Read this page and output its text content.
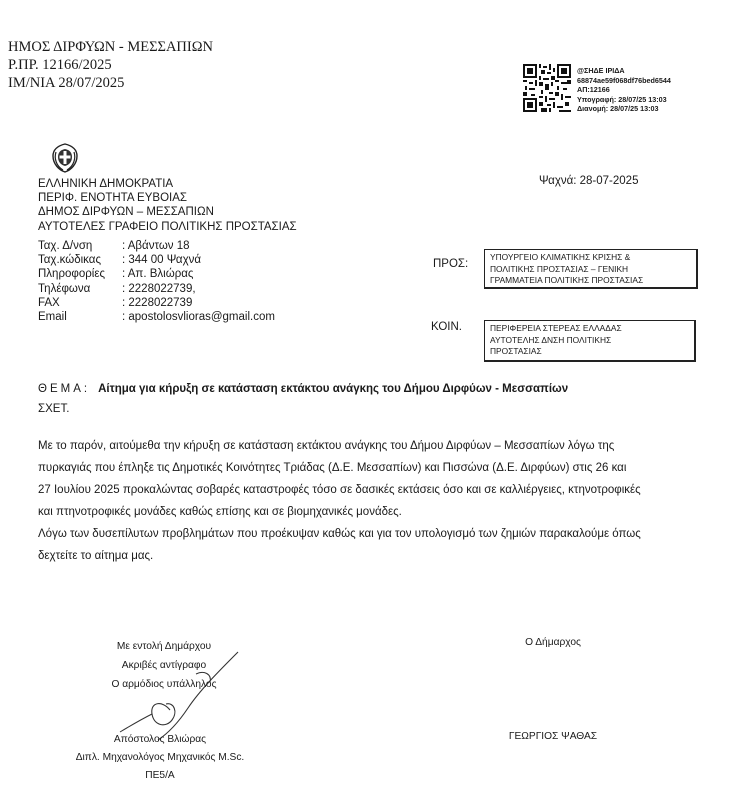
ΗΜΟΣ ΔΙΡΦΥΩΝ - ΜΕΣΣΑΠΙΩΝ
Ρ.ΠΡ. 12166/2025
ΙΜ/ΝΙΑ 28/07/2025
@ΣΗΔΕ ΙΡΙΔΑ
68874ae59f068df76bed6544
ΑΠ:12166
Υπογραφή: 28/07/25 13:03
Διανομή: 28/07/25 13:03
ΕΛΛΗΝΙΚΗ ΔΗΜΟΚΡΑΤΙΑ
ΠΕΡΙΦ. ΕΝΟΤΗΤΑ ΕΥΒΟΙΑΣ
ΔΗΜΟΣ ΔΙΡΦΥΩΝ – ΜΕΣΣΑΠΙΩΝ
ΑΥΤΟΤΕΛΕΣ ΓΡΑΦΕΙΟ ΠΟΛΙΤΙΚΗΣ ΠΡΟΣΤΑΣΙΑΣ
Ταχ. Δ/νση	: Αβάντων 18
Ταχ.κώδικας	: 344 00 Ψαχνά
Πληροφορίες	: Απ. Βλιώρας
Τηλέφωνα	: 2228022739,
FAX	: 2228022739
Email	: apostolosvlioras@gmail.com
Ψαχνά: 28-07-2025
ΠΡΟΣ:
ΥΠΟΥΡΓΕΙΟ ΚΛΙΜΑΤΙΚΗΣ ΚΡΙΣΗΣ &
ΠΟΛΙΤΙΚΗΣ ΠΡΟΣΤΑΣΙΑΣ – ΓΕΝΙΚΗ
ΓΡΑΜΜΑΤΕΙΑ ΠΟΛΙΤΙΚΗΣ ΠΡΟΣΤΑΣΙΑΣ
ΚΟΙΝ.	ΠΕΡΙΦΕΡΕΙΑ ΣΤΕΡΕΑΣ ΕΛΛΑΔΑΣ
ΑΥΤΟΤΕΛΗΣ ΔΝΣΗ ΠΟΛΙΤΙΚΗΣ
ΠΡΟΣΤΑΣΙΑΣ
ΘΕΜΑ: Αίτημα για κήρυξη σε κατάσταση εκτάκτου ανάγκης του Δήμου Διρφύων - Μεσσαπίων
ΣΧΕΤ.

Με το παρόν, αιτούμεθα την κήρυξη σε κατάσταση εκτάκτου ανάγκης του Δήμου Διρφύων – Μεσσαπίων λόγω της

πυρκαγιάς που έπληξε τις Δημοτικές Κοινότητες Τριάδας (Δ.Ε. Μεσσαπίων) και Πισσώνα (Δ.Ε. Διρφύων) στις 26 και

27 Ιουλίου 2025 προκαλώντας σοβαρές καταστροφές τόσο σε δασικές εκτάσεις όσο και σε καλλιέργειες, κτηνοτροφικές

και πτηνοτροφικές μονάδες καθώς επίσης και σε βιομηχανικές μονάδες.

Λόγω των δυσεπίλυτων προβλημάτων που προέκυψαν καθώς και για τον υπολογισμό των ζημιών παρακαλούμε όπως

δεχτείτε το αίτημα μας.

Με εντολή Δημάρχου
Ακριβές αντίγραφο
Ο αρμόδιος υπάλληλος
Απόστολος Βλιώρας
Διπλ. Μηχανολόγος Μηχανικός M.Sc.
ΠΕ5/Α
Ο Δήμαρχος
ΓΕΩΡΓΙΟΣ ΨΑΘΑΣ
